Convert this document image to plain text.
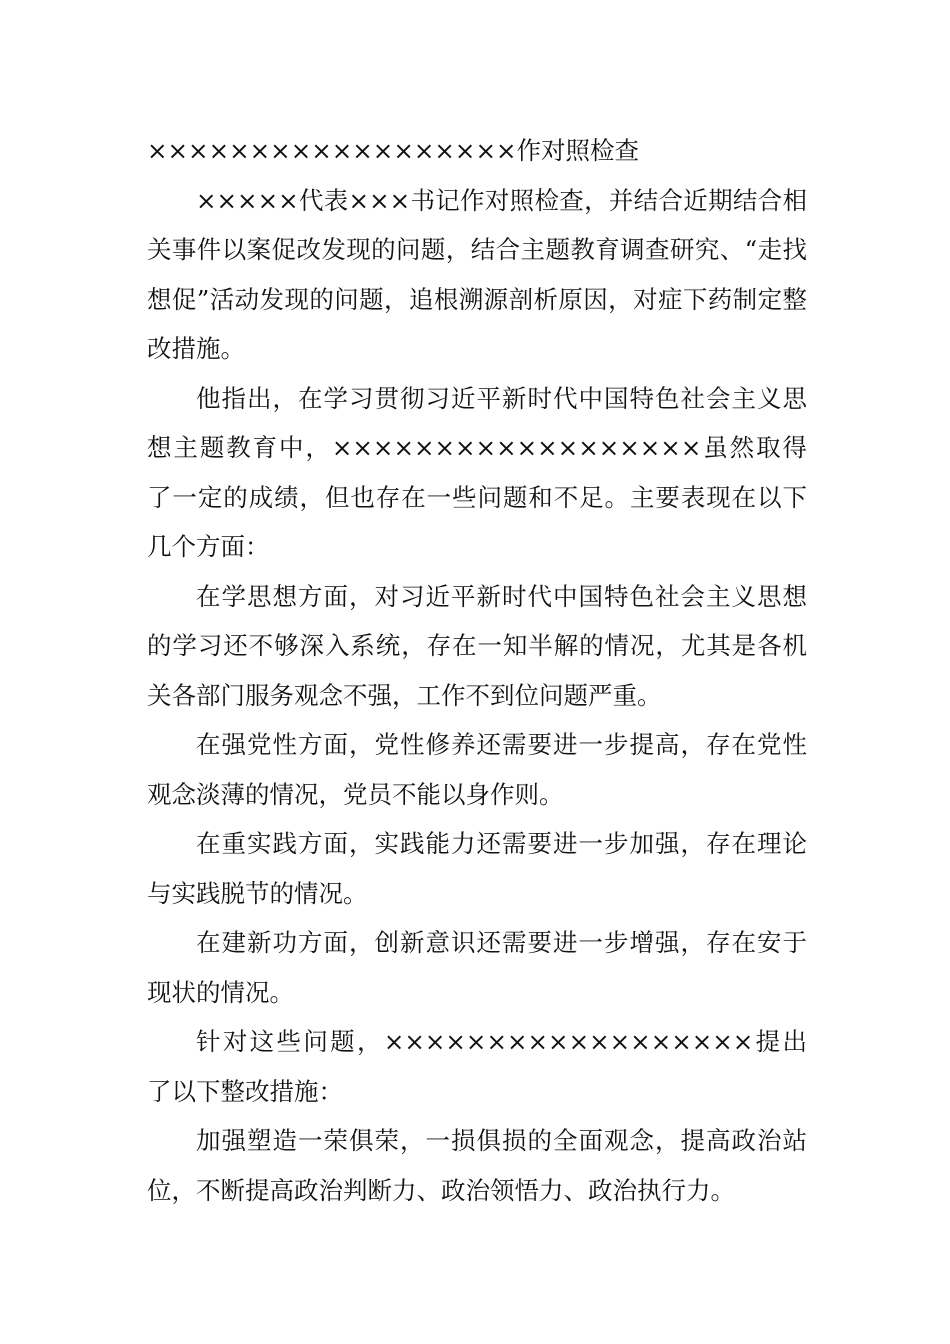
××××××××××××××××××作对照检查

×××××代表×××书记作对照检查，并结合近期结合相关事件以案促改发现的问题，结合主题教育调查研究、“走找想促”活动发现的问题，追根溯源剖析原因，对症下药制定整改措施。

他指出，在学习贯彻习近平新时代中国特色社会主义思想主题教育中，××××××××××××××××××虽然取得了一定的成绩，但也存在一些问题和不足。主要表现在以下几个方面：

在学思想方面，对习近平新时代中国特色社会主义思想的学习还不够深入系统，存在一知半解的情况，尤其是各机关各部门服务观念不强，工作不到位问题严重。

在强党性方面，党性修养还需要进一步提高，存在党性观念淡薄的情况，党员不能以身作则。

在重实践方面，实践能力还需要进一步加强，存在理论与实践脱节的情况。

在建新功方面，创新意识还需要进一步增强，存在安于现状的情况。

针对这些问题，××××××××××××××××××提出了以下整改措施：

加强塑造一荣俱荣，一损俱损的全面观念，提高政治站位，不断提高政治判断力、政治领悟力、政治执行力。
